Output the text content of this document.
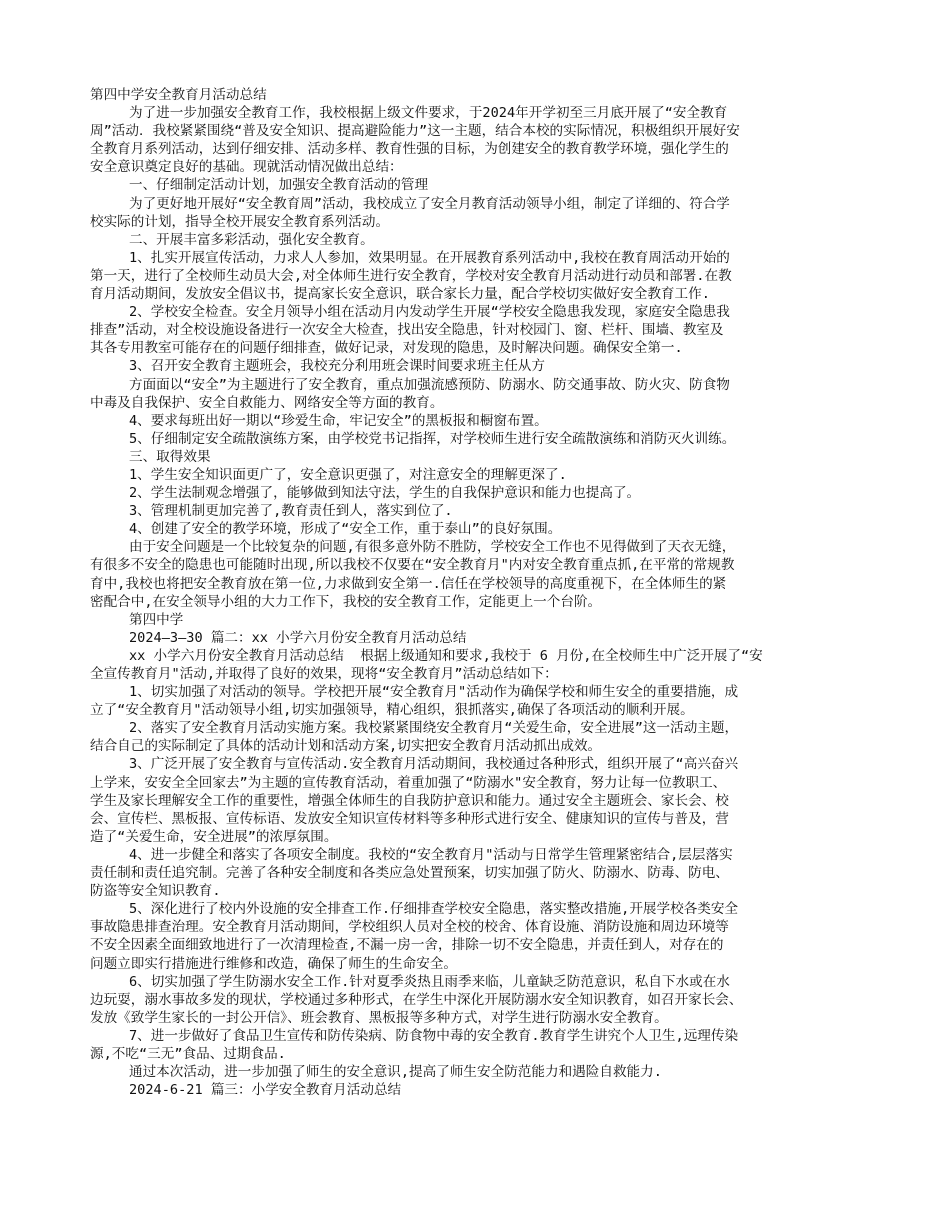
第四中学安全教育月活动总结
为了进一步加强安全教育工作，我校根据上级文件要求，于2024年开学初至三月底开展了“安全教育
周”活动．我校紧紧围绕“普及安全知识、提高避险能力”这一主题，结合本校的实际情况，积极组织开展好安
全教育月系列活动，达到仔细安排、活动多样、教育性强的目标，为创建安全的教育教学环境，强化学生的
安全意识奠定良好的基础。现就活动情况做出总结：
一、仔细制定活动计划，加强安全教育活动的管理
为了更好地开展好“安全教育周”活动，我校成立了安全月教育活动领导小组，制定了详细的、符合学
校实际的计划，指导全校开展安全教育系列活动。
二、开展丰富多彩活动，强化安全教育。
1、扎实开展宣传活动，力求人人参加，效果明显。在开展教育系列活动中,我校在教育周活动开始的
第一天，进行了全校师生动员大会,对全体师生进行安全教育，学校对安全教育月活动进行动员和部署.在教
育月活动期间，发放安全倡议书，提高家长安全意识，联合家长力量，配合学校切实做好安全教育工作.
2、学校安全检查。安全月领导小组在活动月内发动学生开展“学校安全隐患我发现，家庭安全隐患我
排查”活动，对全校设施设备进行一次安全大检查，找出安全隐患，针对校园门、窗、栏杆、围墙、教室及
其各专用教室可能存在的问题仔细排查，做好记录，对发现的隐患，及时解决问题。确保安全第一.
3、召开安全教育主题班会，我校充分利用班会课时间要求班主任从方
方面面以“安全”为主题进行了安全教育，重点加强流感预防、防溺水、防交通事故、防火灾、防食物
中毒及自我保护、安全自救能力、网络安全等方面的教育。
4、要求每班出好一期以“珍爱生命，牢记安全”的黑板报和橱窗布置。
5、仔细制定安全疏散演练方案，由学校党书记指挥，对学校师生进行安全疏散演练和消防灭火训练。
三、取得效果
1、学生安全知识面更广了，安全意识更强了，对注意安全的理解更深了.
2、学生法制观念增强了，能够做到知法守法，学生的自我保护意识和能力也提高了。
3、管理机制更加完善了,教育责任到人，落实到位了.
4、创建了安全的教学环境，形成了“安全工作，重于泰山”的良好氛围。
由于安全问题是一个比较复杂的问题,有很多意外防不胜防，学校安全工作也不见得做到了天衣无缝，
有很多不安全的隐患也可能随时出现,所以我校不仅要在“安全教育月"内对安全教育重点抓,在平常的常规教
育中,我校也将把安全教育放在第一位,力求做到安全第一.信任在学校领导的高度重视下，在全体师生的紧
密配合中,在安全领导小组的大力工作下，我校的安全教育工作，定能更上一个台阶。
第四中学
2024—3—30 篇二：xx 小学六月份安全教育月活动总结
xx 小学六月份安全教育月活动总结  根据上级通知和要求,我校于 6 月份,在全校师生中广泛开展了“安
全宣传教育月"活动,并取得了良好的效果，现将“安全教育月”活动总结如下：
1、切实加强了对活动的领导。学校把开展“安全教育月"活动作为确保学校和师生安全的重要措施，成
立了“安全教育月"活动领导小组,切实加强领导，精心组织，狠抓落实,确保了各项活动的顺利开展。
2、落实了安全教育月活动实施方案。我校紧紧围绕安全教育月“关爱生命，安全进展”这一活动主题，
结合自己的实际制定了具体的活动计划和活动方案,切实把安全教育月活动抓出成效。
3、广泛开展了安全教育与宣传活动.安全教育月活动期间，我校通过各种形式，组织开展了“高兴奋兴
上学来，安安全全回家去”为主题的宣传教育活动，着重加强了“防溺水"安全教育，努力让每一位教职工、
学生及家长理解安全工作的重要性，增强全体师生的自我防护意识和能力。通过安全主题班会、家长会、校
会、宣传栏、黑板报、宣传标语、发放安全知识宣传材料等多种形式进行安全、健康知识的宣传与普及，营
造了“关爱生命，安全进展”的浓厚氛围。
4、进一步健全和落实了各项安全制度。我校的“安全教育月"活动与日常学生管理紧密结合,层层落实
责任制和责任追究制。完善了各种安全制度和各类应急处置预案，切实加强了防火、防溺水、防毒、防电、
防盗等安全知识教育.
5、深化进行了校内外设施的安全排查工作.仔细排查学校安全隐患，落实整改措施,开展学校各类安全
事故隐患排查治理。安全教育月活动期间，学校组织人员对全校的校舍、体育设施、消防设施和周边环境等
不安全因素全面细致地进行了一次清理检查,不漏一房一舍，排除一切不安全隐患，并责任到人，对存在的
问题立即实行措施进行维修和改造，确保了师生的生命安全。
6、切实加强了学生防溺水安全工作.针对夏季炎热且雨季来临，儿童缺乏防范意识，私自下水或在水
边玩耍，溺水事故多发的现状，学校通过多种形式，在学生中深化开展防溺水安全知识教育，如召开家长会、
发放《致学生家长的一封公开信》、班会教育、黑板报等多种方式，对学生进行防溺水安全教育。
7、进一步做好了食品卫生宣传和防传染病、防食物中毒的安全教育.教育学生讲究个人卫生,远理传染
源,不吃“三无”食品、过期食品.
通过本次活动，进一步加强了师生的安全意识,提高了师生安全防范能力和遇险自救能力.
2024-6-21 篇三：小学安全教育月活动总结
